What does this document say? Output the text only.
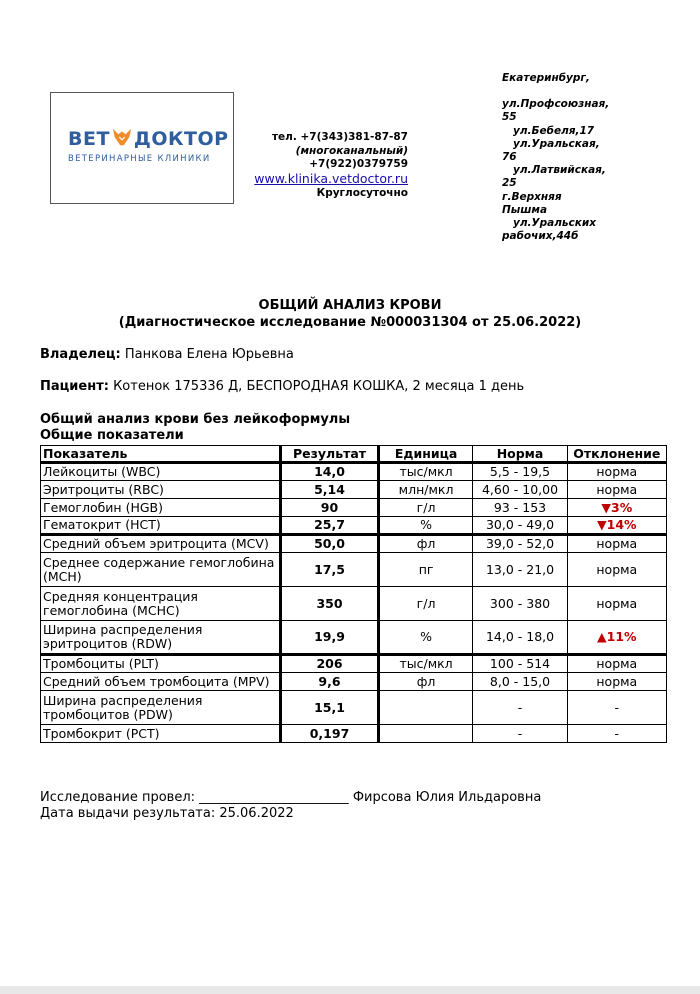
ВЕТ ДОКТОР
ВЕТЕРИНАРНЫЕ КЛИНИКИ
тел. +7(343)381-87-87
(многоканальный)
+7(922)0379759
www.klinika.vetdoctor.ru
Круглосуточно
Екатеринбург,
ул.Профсоюзная,
55
ул.Бебеля,17
ул.Уральская,
76
ул.Латвийская,
25
г.Верхняя
Пышма
ул.Уральских
рабочих,44б
ОБЩИЙ АНАЛИЗ КРОВИ
(Диагностическое исследование №000031304 от 25.06.2022)
Владелец: Панкова Елена Юрьевна
Пациент: Котенок 175336 Д, БЕСПОРОДНАЯ КОШКА, 2 месяца 1 день
Общий анализ крови без лейкоформулы
Общие показатели
Показатель	Результат	Единица	Норма	Отклонение
Лейкоциты (WBC)	14,0	тыс/мкл	5,5 - 19,5	норма
Эритроциты (RBC)	5,14	млн/мкл	4,60 - 10,00	норма
Гемоглобин (HGB)	90	г/л	93 - 153	▼3%
Гематокрит (HCT)	25,7	%	30,0 - 49,0	▼14%
Средний объем эритроцита (MCV)	50,0	фл	39,0 - 52,0	норма
Среднее содержание гемоглобина (MCH)	17,5	пг	13,0 - 21,0	норма
Средняя концентрация гемоглобина (MCHC)	350	г/л	300 - 380	норма
Ширина распределения эритроцитов (RDW)	19,9	%	14,0 - 18,0	▲11%
Тромбоциты (PLT)	206	тыс/мкл	100 - 514	норма
Средний объем тромбоцита (MPV)	9,6	фл	8,0 - 15,0	норма
Ширина распределения тромбоцитов (PDW)	15,1		-	-
Тромбокрит (PCT)	0,197		-	-
Исследование провел: _______________________ Фирсова Юлия Ильдаровна
Дата выдачи результата: 25.06.2022
